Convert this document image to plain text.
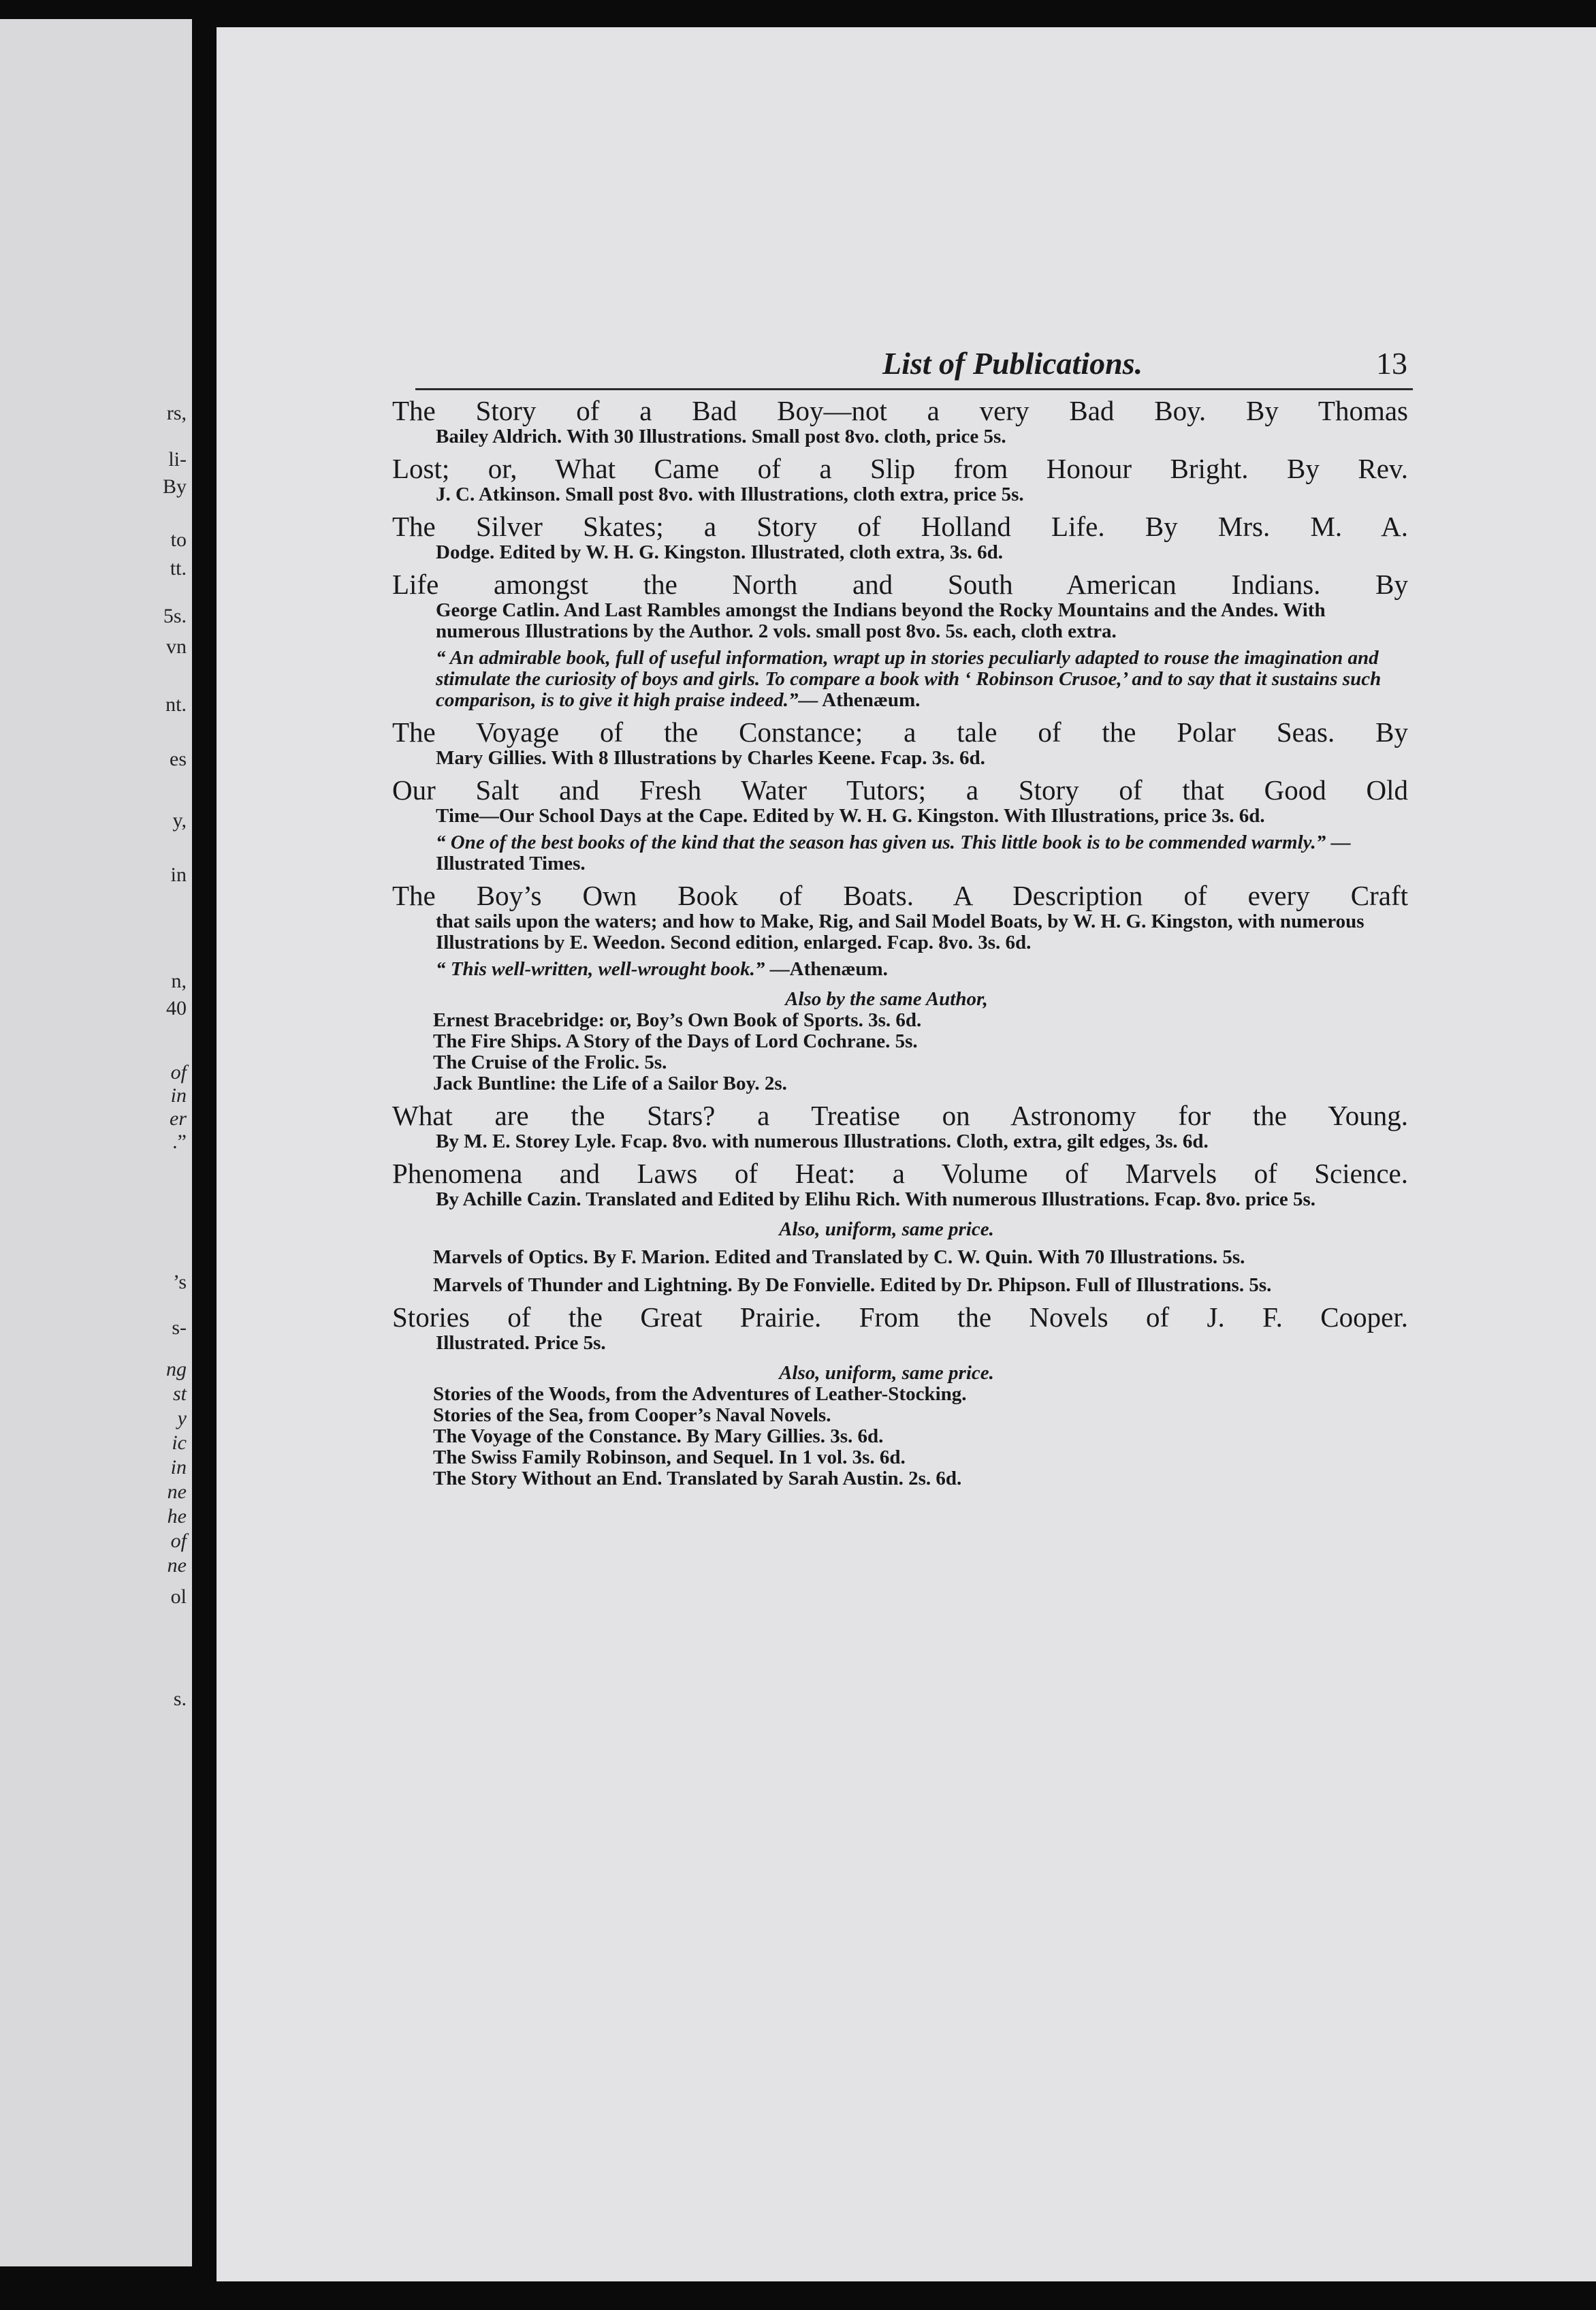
rs,
li-
By
to
tt.
5s.
vn
nt.
es
y,
in
n,
40
of
in
er
.”
’s
s-
ng
st
y
ic
in
ne
he
of
ne
ol
s.
List of Publications.	13
The Story of a Bad Boy—not a very Bad Boy. By Thomas
Bailey Aldrich. With 30 Illustrations. Small post 8vo. cloth, price 5s.
Lost; or, What Came of a Slip from Honour Bright. By Rev.
J. C. Atkinson. Small post 8vo. with Illustrations, cloth extra, price 5s.
The Silver Skates; a Story of Holland Life. By Mrs. M. A.
Dodge. Edited by W. H. G. Kingston. Illustrated, cloth extra, 3s. 6d.
Life amongst the North and South American Indians. By
George Catlin. And Last Rambles amongst the Indians beyond the Rocky Mountains and the Andes. With numerous Illustrations by the Author. 2 vols. small post 8vo. 5s. each, cloth extra.
“ An admirable book, full of useful information, wrapt up in stories peculiarly adapted to rouse the imagination and stimulate the curiosity of boys and girls. To compare a book with ‘ Robinson Crusoe,’ and to say that it sustains such comparison, is to give it high praise indeed.”— Athenæum.
The Voyage of the Constance; a tale of the Polar Seas. By
Mary Gillies. With 8 Illustrations by Charles Keene. Fcap. 3s. 6d.
Our Salt and Fresh Water Tutors; a Story of that Good Old
Time—Our School Days at the Cape. Edited by W. H. G. Kingston. With Illustrations, price 3s. 6d.
“ One of the best books of the kind that the season has given us. This little book is to be commended warmly.” —Illustrated Times.
The Boy’s Own Book of Boats. A Description of every Craft
that sails upon the waters; and how to Make, Rig, and Sail Model Boats, by W. H. G. Kingston, with numerous Illustrations by E. Weedon. Second edition, enlarged. Fcap. 8vo. 3s. 6d.
“ This well-written, well-wrought book.” —Athenæum.
Also by the same Author,
Ernest Bracebridge: or, Boy’s Own Book of Sports. 3s. 6d.
The Fire Ships. A Story of the Days of Lord Cochrane. 5s.
The Cruise of the Frolic. 5s.
Jack Buntline: the Life of a Sailor Boy. 2s.
What are the Stars? a Treatise on Astronomy for the Young.
By M. E. Storey Lyle. Fcap. 8vo. with numerous Illustrations. Cloth, extra, gilt edges, 3s. 6d.
Phenomena and Laws of Heat: a Volume of Marvels of Science.
By Achille Cazin. Translated and Edited by Elihu Rich. With numerous Illustrations. Fcap. 8vo. price 5s.
Also, uniform, same price.
Marvels of Optics. By F. Marion. Edited and Translated by C. W. Quin. With 70 Illustrations. 5s.
Marvels of Thunder and Lightning. By De Fonvielle. Edited by Dr. Phipson. Full of Illustrations. 5s.
Stories of the Great Prairie. From the Novels of J. F. Cooper.
Illustrated. Price 5s.
Also, uniform, same price.
Stories of the Woods, from the Adventures of Leather-Stocking.
Stories of the Sea, from Cooper’s Naval Novels.
The Voyage of the Constance. By Mary Gillies. 3s. 6d.
The Swiss Family Robinson, and Sequel. In 1 vol. 3s. 6d.
The Story Without an End. Translated by Sarah Austin. 2s. 6d.
